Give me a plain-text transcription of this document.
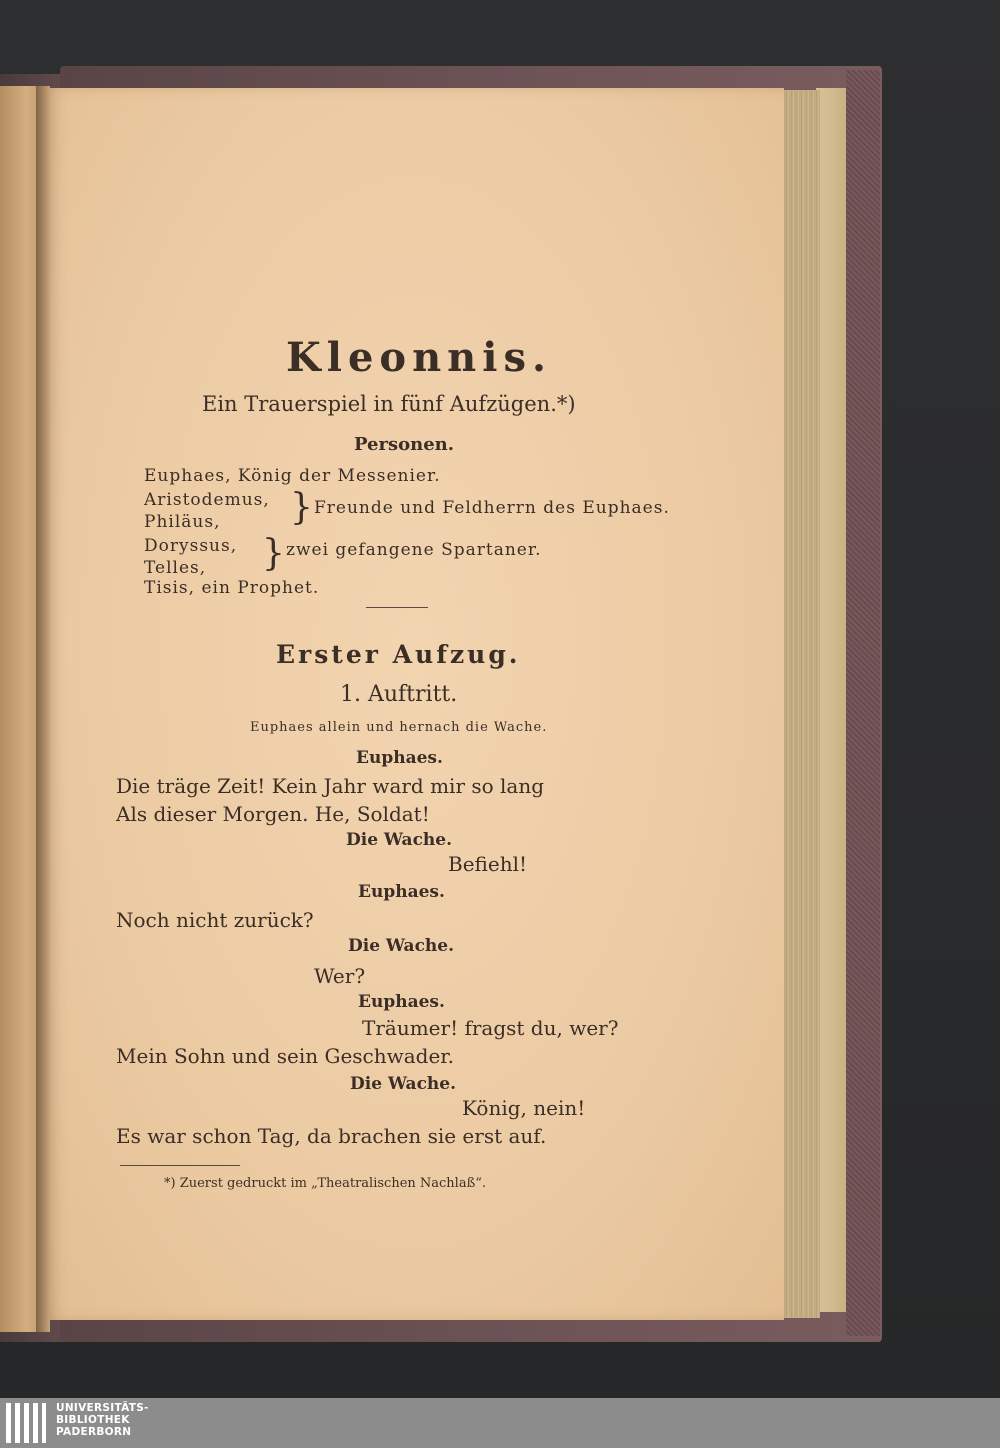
Kleonnis.
Ein Trauerspiel in fünf Aufzügen.*)
Personen.
Euphaes, König der Messenier.
Aristodemus,
Philäus, } Freunde und Feldherrn des Euphaes.
Doryssus,
Telles, } zwei gefangene Spartaner.
Tisis, ein Prophet.
Erster Aufzug.
1. Auftritt.
Euphaes allein und hernach die Wache.
Euphaes.
Die träge Zeit! Kein Jahr ward mir so lang
Als dieser Morgen. He, Soldat!
Die Wache.
Befiehl!
Euphaes.
Noch nicht zurück?
Die Wache.
Wer?
Euphaes.
Träumer! fragst du, wer?
Mein Sohn und sein Geschwader.
Die Wache.
König, nein!
Es war schon Tag, da brachen sie erst auf.
*) Zuerst gedruckt im „Theatralischen Nachlaß“.
UNIVERSITÄTS-
BIBLIOTHEK
PADERBORN
